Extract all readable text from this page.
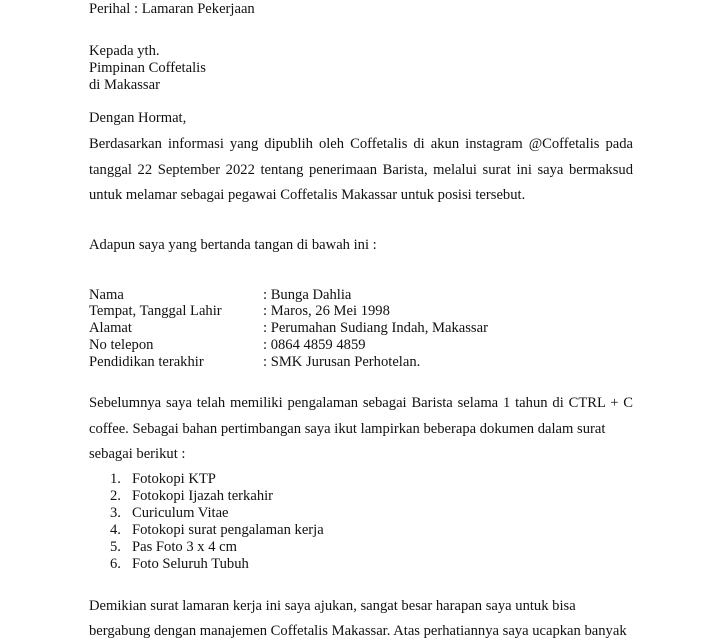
Perihal : Lamaran Pekerjaan
Kepada yth.
Pimpinan Coffetalis
di Makassar
Dengan Hormat,
Berdasarkan informasi yang dipublih oleh Coffetalis di akun instagram @Coffetalis pada
tanggal 22 September 2022 tentang penerimaan Barista, melalui surat ini saya bermaksud
untuk melamar sebagai pegawai Coffetalis Makassar untuk posisi tersebut.
Adapun saya yang bertanda tangan di bawah ini :
Nama	: Bunga Dahlia
Tempat, Tanggal Lahir	: Maros, 26 Mei 1998
Alamat	: Perumahan Sudiang Indah, Makassar
No telepon	: 0864 4859 4859
Pendidikan terakhir	: SMK Jurusan Perhotelan.
Sebelumnya saya telah memiliki pengalaman sebagai Barista selama 1 tahun di CTRL + C
coffee. Sebagai bahan pertimbangan saya ikut lampirkan beberapa dokumen dalam surat
sebagai berikut :
1. Fotokopi KTP
2. Fotokopi Ijazah terkahir
3. Curiculum Vitae
4. Fotokopi surat pengalaman kerja
5. Pas Foto 3 x 4 cm
6. Foto Seluruh Tubuh
Demikian surat lamaran kerja ini saya ajukan, sangat besar harapan saya untuk bisa
bergabung dengan manajemen Coffetalis Makassar. Atas perhatiannya saya ucapkan banyak
